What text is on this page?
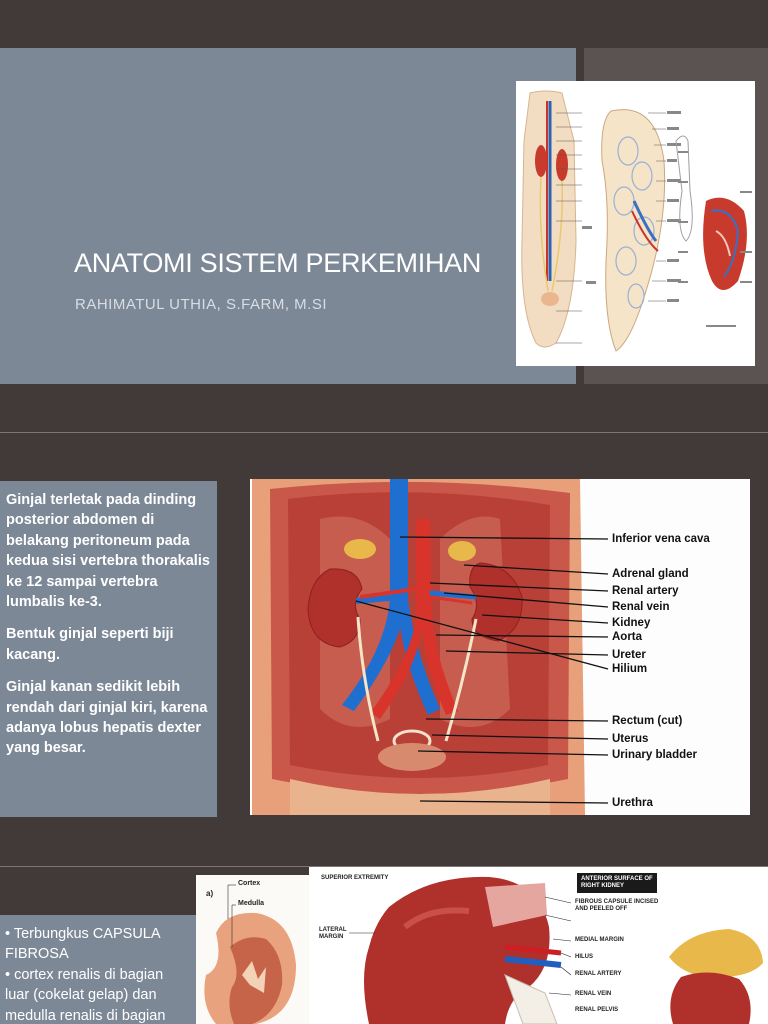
ANATOMI SISTEM PERKEMIHAN
RAHIMATUL UTHIA, S.FARM, M.SI

Ginjal terletak pada dinding posterior abdomen di belakang peritoneum pada kedua sisi vertebra thorakalis ke 12 sampai vertebra lumbalis ke-3.

Bentuk ginjal seperti biji kacang.

Ginjal kanan sedikit lebih rendah dari ginjal kiri, karena adanya lobus hepatis dexter yang besar.

Inferior vena cava
Adrenal gland
Renal artery
Renal vein
Kidney
Aorta
Ureter
Hilium
Rectum (cut)
Uterus
Urinary bladder
Urethra

• Terbungkus CAPSULA FIBROSA

• cortex renalis di bagian luar (cokelat gelap) dan medulla renalis di bagian

a)
Cortex
Medulla
SUPERIOR EXTREMITY	ANTERIOR SURFACE OF RIGHT KIDNEY
FIBROUS CAPSULE INCISED AND PEELED OFF
MEDIAL MARGIN
LATERAL MARGIN
HILUS
RENAL ARTERY
RENAL VEIN
RENAL PELVIS
